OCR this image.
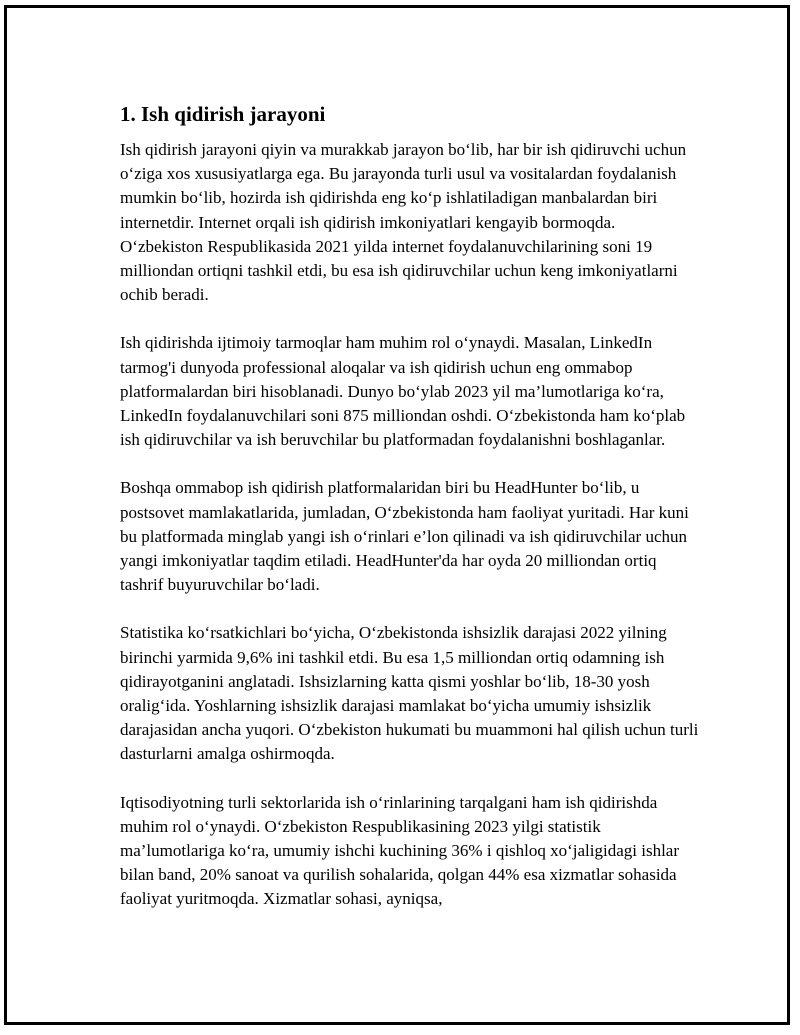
1. Ish qidirish jarayoni

Ish qidirish jarayoni qiyin va murakkab jarayon bo‘lib, har bir ish qidiruvchi uchun o‘ziga xos xususiyatlarga ega. Bu jarayonda turli usul va vositalardan foydalanish mumkin bo‘lib, hozirda ish qidirishda eng ko‘p ishlatiladigan manbalardan biri internetdir. Internet orqali ish qidirish imkoniyatlari kengayib bormoqda. O‘zbekiston Respublikasida 2021 yilda internet foydalanuvchilarining soni 19 milliondan ortiqni tashkil etdi, bu esa ish qidiruvchilar uchun keng imkoniyatlarni ochib beradi.

Ish qidirishda ijtimoiy tarmoqlar ham muhim rol o‘ynaydi. Masalan, LinkedIn tarmog'i dunyoda professional aloqalar va ish qidirish uchun eng ommabop platformalardan biri hisoblanadi. Dunyo bo‘ylab 2023 yil ma’lumotlariga ko‘ra, LinkedIn foydalanuvchilari soni 875 milliondan oshdi. O‘zbekistonda ham ko‘plab ish qidiruvchilar va ish beruvchilar bu platformadan foydalanishni boshlaganlar.

Boshqa ommabop ish qidirish platformalaridan biri bu HeadHunter bo‘lib, u postsovet mamlakatlarida, jumladan, O‘zbekistonda ham faoliyat yuritadi. Har kuni bu platformada minglab yangi ish o‘rinlari e’lon qilinadi va ish qidiruvchilar uchun yangi imkoniyatlar taqdim etiladi. HeadHunter'da har oyda 20 milliondan ortiq tashrif buyuruvchilar bo‘ladi.

Statistika ko‘rsatkichlari bo‘yicha, O‘zbekistonda ishsizlik darajasi 2022 yilning birinchi yarmida 9,6% ini tashkil etdi. Bu esa 1,5 milliondan ortiq odamning ish qidirayotganini anglatadi. Ishsizlarning katta qismi yoshlar bo‘lib, 18-30 yosh oralig‘ida. Yoshlarning ishsizlik darajasi mamlakat bo‘yicha umumiy ishsizlik darajasidan ancha yuqori. O‘zbekiston hukumati bu muammoni hal qilish uchun turli dasturlarni amalga oshirmoqda.

Iqtisodiyotning turli sektorlarida ish o‘rinlarining tarqalgani ham ish qidirishda muhim rol o‘ynaydi. O‘zbekiston Respublikasining 2023 yilgi statistik ma’lumotlariga ko‘ra, umumiy ishchi kuchining 36% i qishloq xo‘jaligidagi ishlar bilan band, 20% sanoat va qurilish sohalarida, qolgan 44% esa xizmatlar sohasida faoliyat yuritmoqda. Xizmatlar sohasi, ayniqsa,
